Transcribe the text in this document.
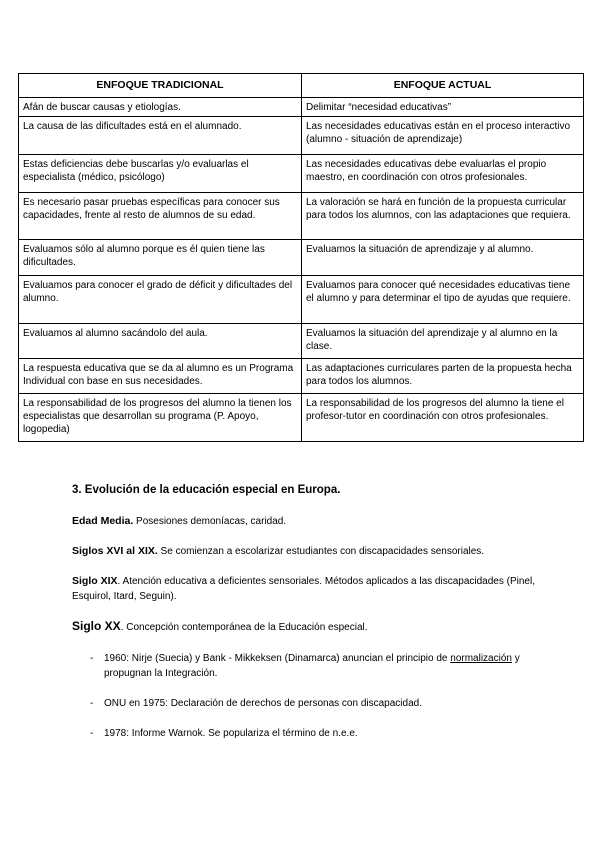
ENFOQUE TRADICIONAL	ENFOQUE ACTUAL
Afán de buscar causas y etiologías.	Delimitar “necesidad educativas”
La causa de las dificultades está en el alumnado.	Las necesidades educativas están en el proceso interactivo (alumno - situación de aprendizaje)
Estas deficiencias debe buscarlas y/o evaluarlas el especialista (médico, psicólogo)	Las necesidades educativas debe evaluarlas el propio maestro, en coordinación con otros profesionales.
Es necesario pasar pruebas específicas para conocer sus capacidades, frente al resto de alumnos de su edad.	La valoración se hará en función de la propuesta curricular para todos los alumnos, con las adaptaciones que requiera.
Evaluamos sólo al alumno porque es él quien tiene las dificultades.	Evaluamos la situación de aprendizaje y al alumno.
Evaluamos para conocer el grado de déficit y dificultades del alumno.	Evaluamos para conocer qué necesidades educativas tiene el alumno y para determinar el tipo de ayudas que requiere.
Evaluamos al alumno sacándolo del aula.	Evaluamos la situación del aprendizaje y al alumno en la clase.
La respuesta educativa que se da al alumno es un Programa Individual con base en sus necesidades.	Las adaptaciones curriculares parten de la propuesta hecha para todos los alumnos.
La responsabilidad de los progresos del alumno la tienen los especialistas que desarrollan su programa (P. Apoyo, logopedia)	La responsabilidad de los progresos del alumno la tiene el profesor-tutor en coordinación con otros profesionales.
3. Evolución de la educación especial en Europa.

Edad Media. Posesiones demoníacas, caridad.

Siglos XVI al XIX. Se comienzan a escolarizar estudiantes con discapacidades sensoriales.

Siglo XIX. Atención educativa a deficientes sensoriales. Métodos aplicados a las discapacidades (Pinel, Esquirol, Itard, Seguin).

Siglo XX. Concepción contemporánea de la Educación especial.

- 1960: Nirje (Suecia) y Bank - Mikkeksen (Dinamarca) anuncian el principio de normalización y propugnan la Integración.
- ONU en 1975: Declaración de derechos de personas con discapacidad.
- 1978: Informe Warnok. Se populariza el término de n.e.e.
